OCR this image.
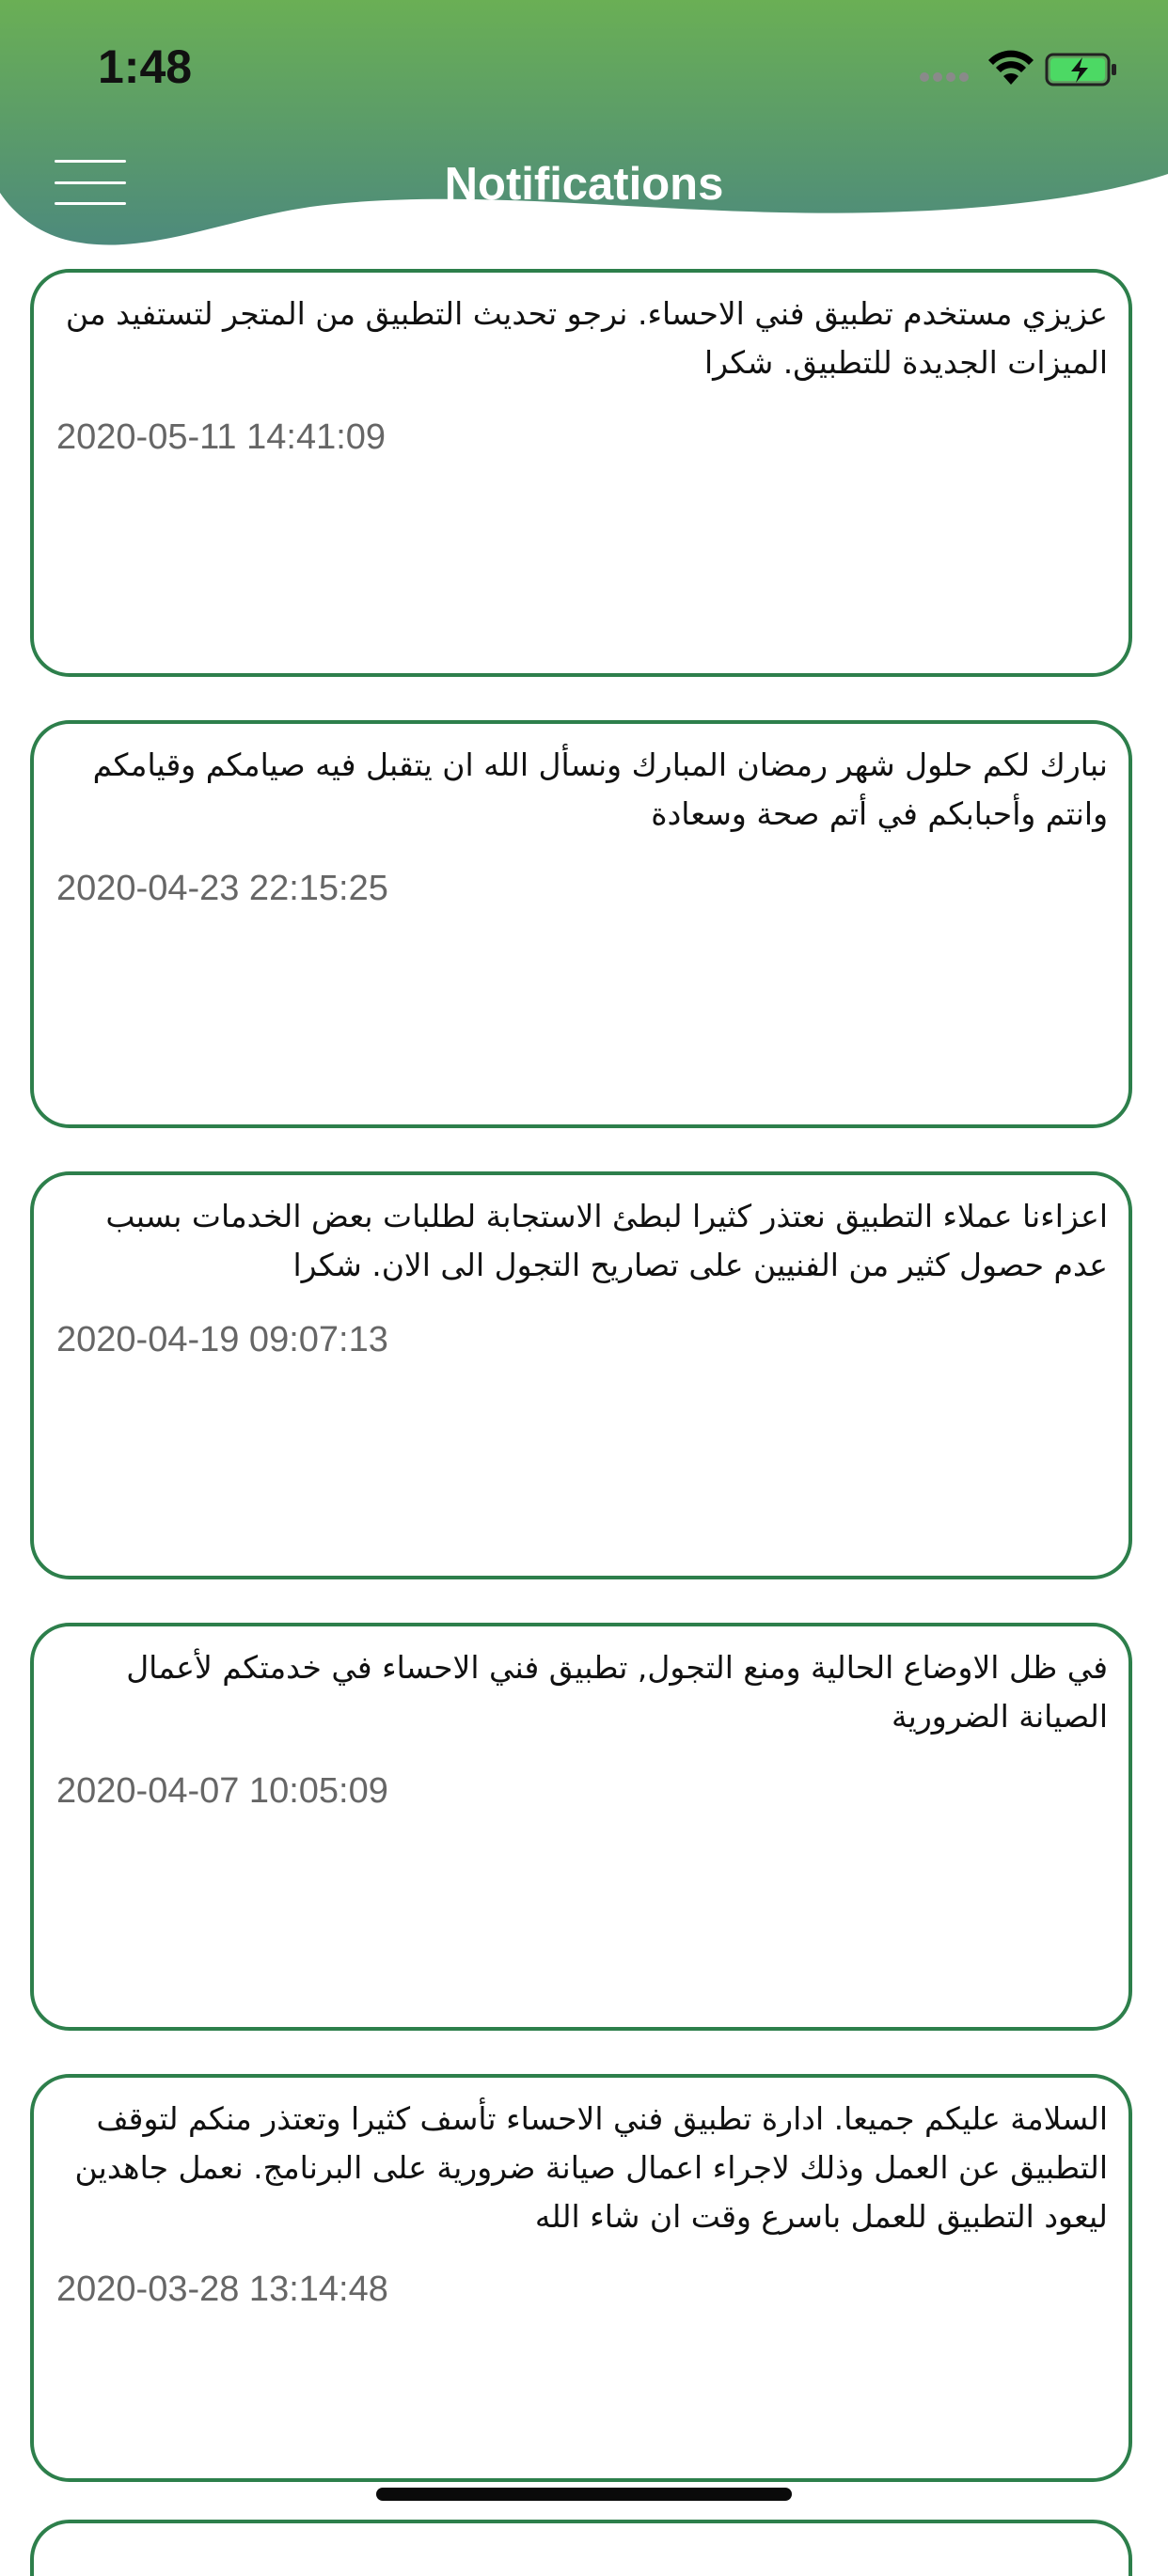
1:48
Notifications
عزيزي مستخدم تطبيق فني الاحساء. نرجو تحديث التطبيق من المتجر لتستفيد من الميزات الجديدة للتطبيق. شكرا
2020-05-11 14:41:09
نبارك لكم حلول شهر رمضان المبارك ونسأل الله ان يتقبل فيه صيامكم وقيامكم وانتم وأحبابكم في أتم صحة وسعادة
2020-04-23 22:15:25
اعزاءنا عملاء التطبيق نعتذر كثيرا لبطئ الاستجابة لطلبات بعض الخدمات بسبب عدم حصول كثير من الفنيين على تصاريح التجول الى الان. شكرا
2020-04-19 09:07:13
في ظل الاوضاع الحالية ومنع التجول, تطبيق فني الاحساء في خدمتكم لأعمال الصيانة الضرورية
2020-04-07 10:05:09
السلامة عليكم جميعا. ادارة تطبيق فني الاحساء تأسف كثيرا وتعتذر منكم لتوقف التطبيق عن العمل وذلك لاجراء اعمال صيانة ضرورية على البرنامج. نعمل جاهدين ليعود التطبيق للعمل باسرع وقت ان شاء الله
2020-03-28 13:14:48
